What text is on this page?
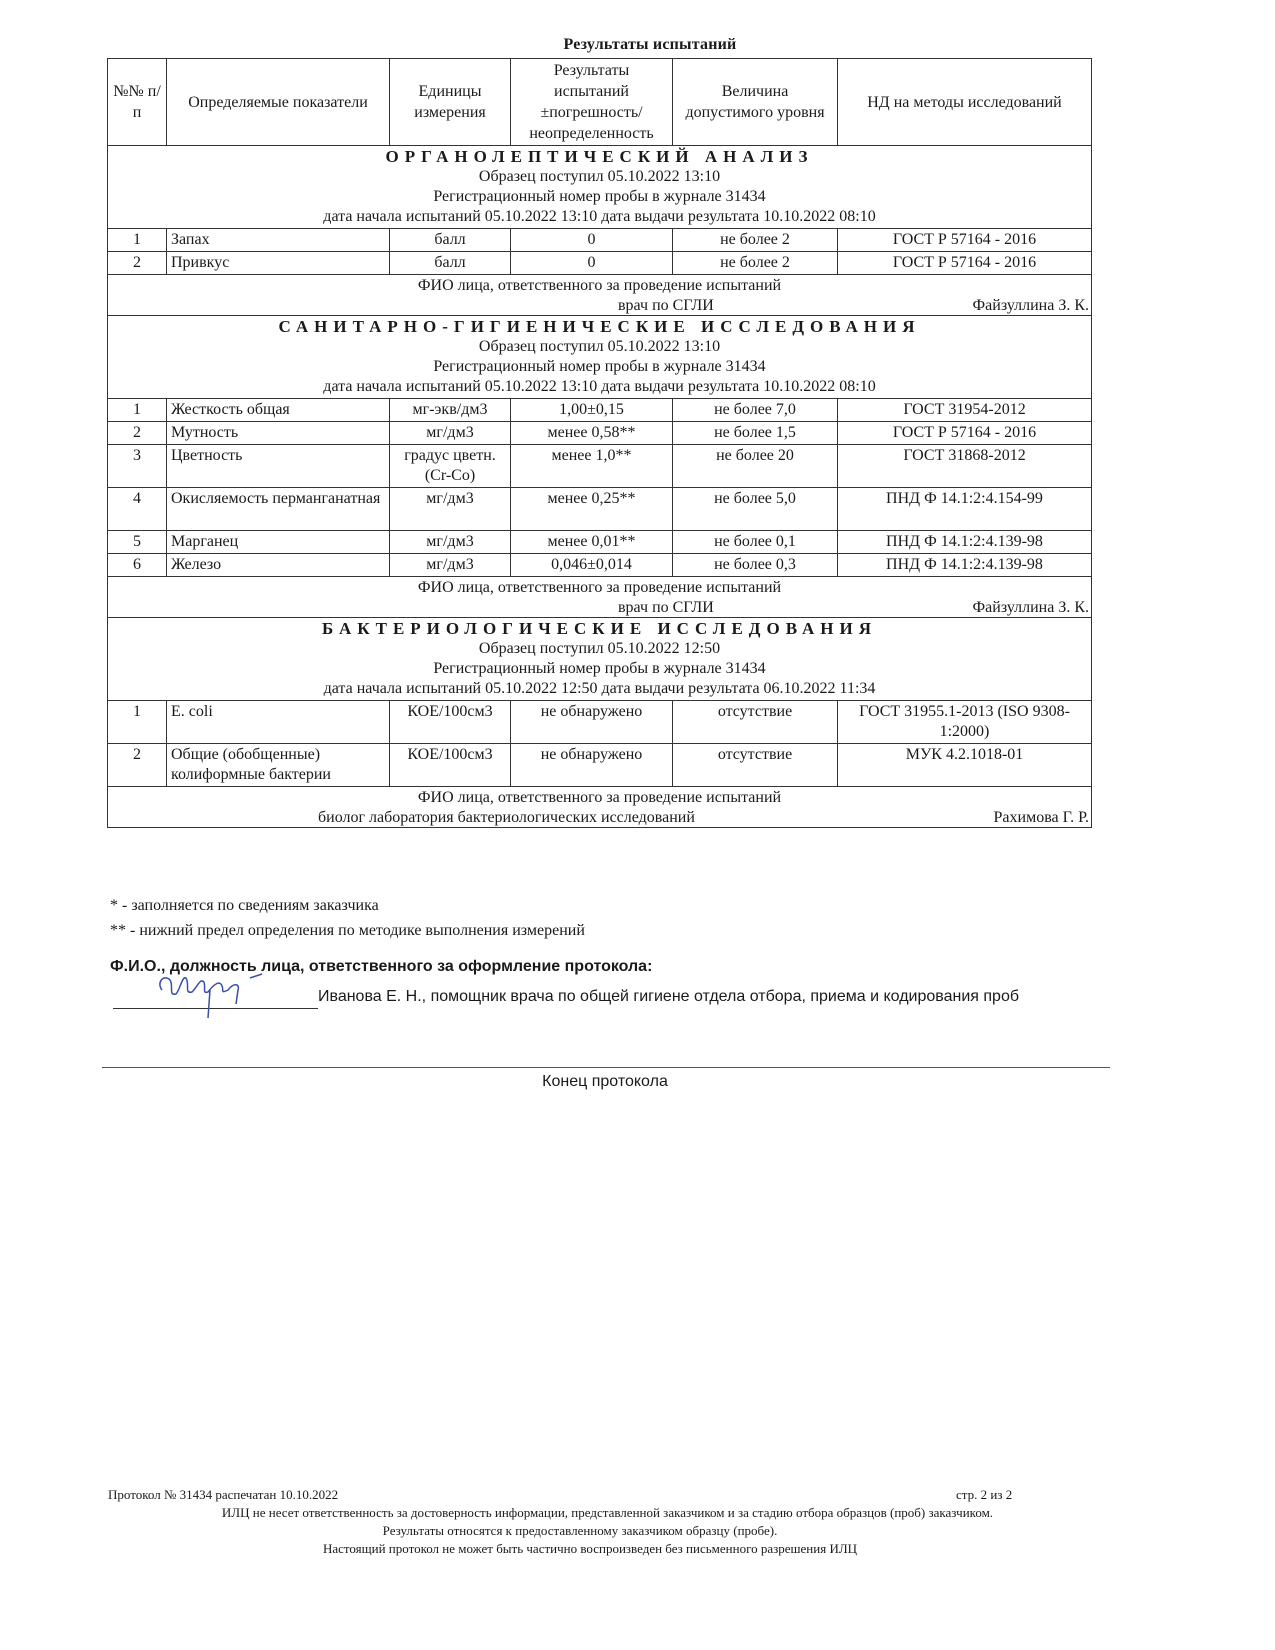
Результаты испытаний
№№ п/п	Определяемые показатели	Единицы измерения	Результаты испытаний ±погрешность/ неопределенность	Величина допустимого уровня	НД на методы исследований

ОРГАНОЛЕПТИЧЕСКИЙ АНАЛИЗ
Образец поступил 05.10.2022 13:10
Регистрационный номер пробы в журнале 31434
дата начала испытаний 05.10.2022 13:10 дата выдачи результата 10.10.2022 08:10					

1	Запах	балл	0	не более 2	ГОСТ Р 57164 - 2016
2	Привкус	балл	0	не более 2	ГОСТ Р 57164 - 2016

ФИО лица, ответственного за проведение испытаний
врач по СГЛИ Файзуллина З. К.					

САНИТАРНО-ГИГИЕНИЧЕСКИЕ ИССЛЕДОВАНИЯ
Образец поступил 05.10.2022 13:10
Регистрационный номер пробы в журнале 31434
дата начала испытаний 05.10.2022 13:10 дата выдачи результата 10.10.2022 08:10					

1	Жесткость общая	мг-экв/дм3	1,00±0,15	не более 7,0	ГОСТ 31954-2012
2	Мутность	мг/дм3	менее 0,58**	не более 1,5	ГОСТ Р 57164 - 2016
3	Цветность	градус цветн.(Cr-Co)	менее 1,0**	не более 20	ГОСТ 31868-2012
4	Окисляемость перманганатная	мг/дм3	менее 0,25**	не более 5,0	ПНД Ф 14.1:2:4.154-99
5	Марганец	мг/дм3	менее 0,01**	не более 0,1	ПНД Ф 14.1:2:4.139-98
6	Железо	мг/дм3	0,046±0,014	не более 0,3	ПНД Ф 14.1:2:4.139-98

ФИО лица, ответственного за проведение испытаний
врач по СГЛИ Файзуллина З. К.					

БАКТЕРИОЛОГИЧЕСКИЕ ИССЛЕДОВАНИЯ
Образец поступил 05.10.2022 12:50
Регистрационный номер пробы в журнале 31434
дата начала испытаний 05.10.2022 12:50 дата выдачи результата 06.10.2022 11:34					

1	E. coli	КОЕ/100см3	не обнаружено	отсутствие	ГОСТ 31955.1-2013 (ISO 9308-1:2000)
2	Общие (обобщенные) колиформные бактерии	КОЕ/100см3	не обнаружено	отсутствие	МУК 4.2.1018-01

ФИО лица, ответственного за проведение испытаний
биолог лаборатория бактериологических исследований Рахимова Г. Р.					
* - заполняется по сведениям заказчика
** - нижний предел определения по методике выполнения измерений
Ф.И.О., должность лица, ответственного за оформление протокола:
Иванова Е. Н., помощник врача по общей гигиене отдела отбора, приема и кодирования проб
Конец протокола
Протокол № 31434 распечатан 10.10.2022	стр. 2 из 2
ИЛЦ не несет ответственность за достоверность информации, представленной заказчиком и за стадию отбора образцов (проб) заказчиком.
Результаты относятся к предоставленному заказчиком образцу (пробе).
Настоящий протокол не может быть частично воспроизведен без письменного разрешения ИЛЦ
